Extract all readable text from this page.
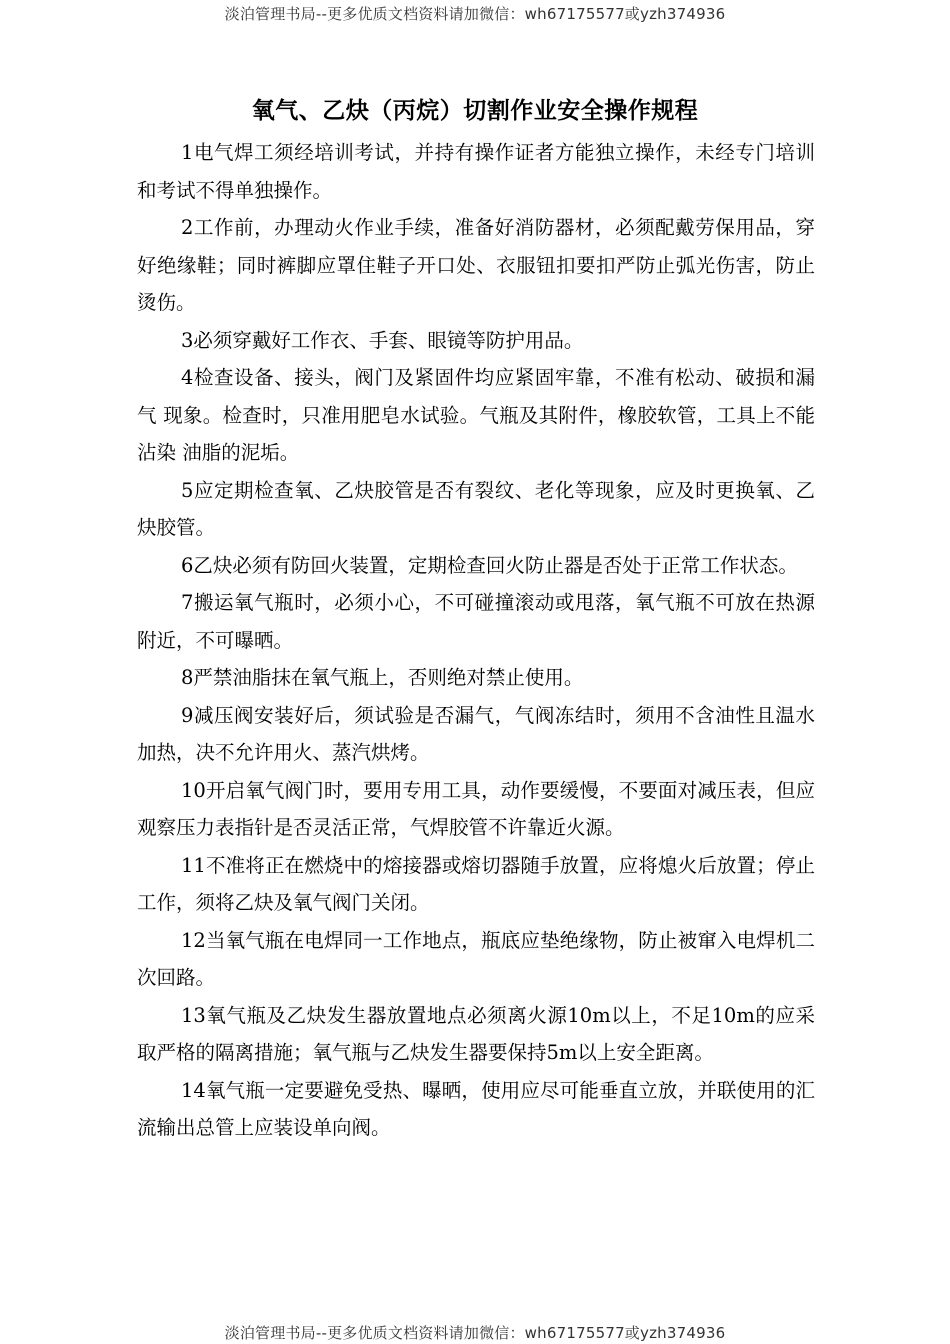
淡泊管理书局--更多优质文档资料请加微信：wh67175577或yzh374936
氧气、乙炔（丙烷）切割作业安全操作规程

1电气焊工须经培训考试，并持有操作证者方能独立操作，未经专门培训和考试不得单独操作。

2工作前，办理动火作业手续，准备好消防器材，必须配戴劳保用品，穿好绝缘鞋；同时裤脚应罩住鞋子开口处、衣服钮扣要扣严防止弧光伤害，防止烫伤。

3必须穿戴好工作衣、手套、眼镜等防护用品。

4检查设备、接头，阀门及紧固件均应紧固牢靠，不准有松动、破损和漏气 现象。检查时，只准用肥皂水试验。气瓶及其附件，橡胶软管，工具上不能沾染 油脂的泥垢。

5应定期检查氧、乙炔胶管是否有裂纹、老化等现象，应及时更换氧、乙炔胶管。

6乙炔必须有防回火装置，定期检查回火防止器是否处于正常工作状态。

7搬运氧气瓶时，必须小心，不可碰撞滚动或甩落，氧气瓶不可放在热源附近，不可曝晒。

8严禁油脂抹在氧气瓶上，否则绝对禁止使用。

9减压阀安装好后，须试验是否漏气，气阀冻结时，须用不含油性且温水加热，决不允许用火、蒸汽烘烤。

10开启氧气阀门时，要用专用工具，动作要缓慢，不要面对减压表，但应观察压力表指针是否灵活正常，气焊胶管不许靠近火源。

11不准将正在燃烧中的熔接器或熔切器随手放置，应将熄火后放置；停止工作，须将乙炔及氧气阀门关闭。

12当氧气瓶在电焊同一工作地点，瓶底应垫绝缘物，防止被窜入电焊机二次回路。

13氧气瓶及乙炔发生器放置地点必须离火源10m以上，不足10m的应采取严格的隔离措施；氧气瓶与乙炔发生器要保持5m以上安全距离。

14氧气瓶一定要避免受热、曝晒，使用应尽可能垂直立放，并联使用的汇流输出总管上应装设单向阀。

淡泊管理书局--更多优质文档资料请加微信：wh67175577或yzh374936
